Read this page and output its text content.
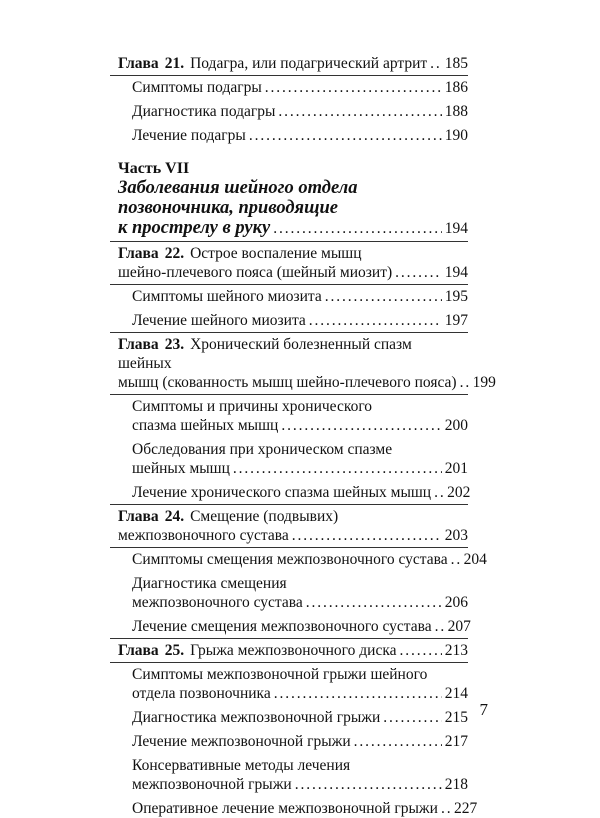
Глава 21. Подагра, или подагрический артрит . . . 185
Симптомы подагры . . .	186
Диагностика подагры . . .	188
Лечение подагры . . .	190
Часть VII
Заболевания шейного отдела
позвоночника, приводящие
к прострелу в руку . . .	194
Глава 22. Острое воспаление мышц
шейно-плечевого пояса (шейный миозит) . . .	194
Симптомы шейного миозита . . .	195
Лечение шейного миозита . . .	197
Глава 23. Хронический болезненный спазм шейных
мышц (скованность мышц шейно-плечевого пояса) . . . 199
Симптомы и причины хронического
спазма шейных мышц . . .	200
Обследования при хроническом спазме
шейных мышц . . .	201
Лечение хронического спазма шейных мышц . . . 202
Глава 24. Смещение (подвывих)
межпозвоночного сустава . . .	203
Симптомы смещения межпозвоночного сустава . . . 204
Диагностика смещения
межпозвоночного сустава . . .	206
Лечение смещения межпозвоночного сустава . . . 207
Глава 25. Грыжа межпозвоночного диска . . .	213
Симптомы межпозвоночной грыжи шейного
отдела позвоночника . . .	214
Диагностика межпозвоночной грыжи . . .	215
Лечение межпозвоночной грыжи . . .	217
Консервативные методы лечения
межпозвоночной грыжи . . .	218
Оперативное лечение межпозвоночной грыжи . . . 227
7
